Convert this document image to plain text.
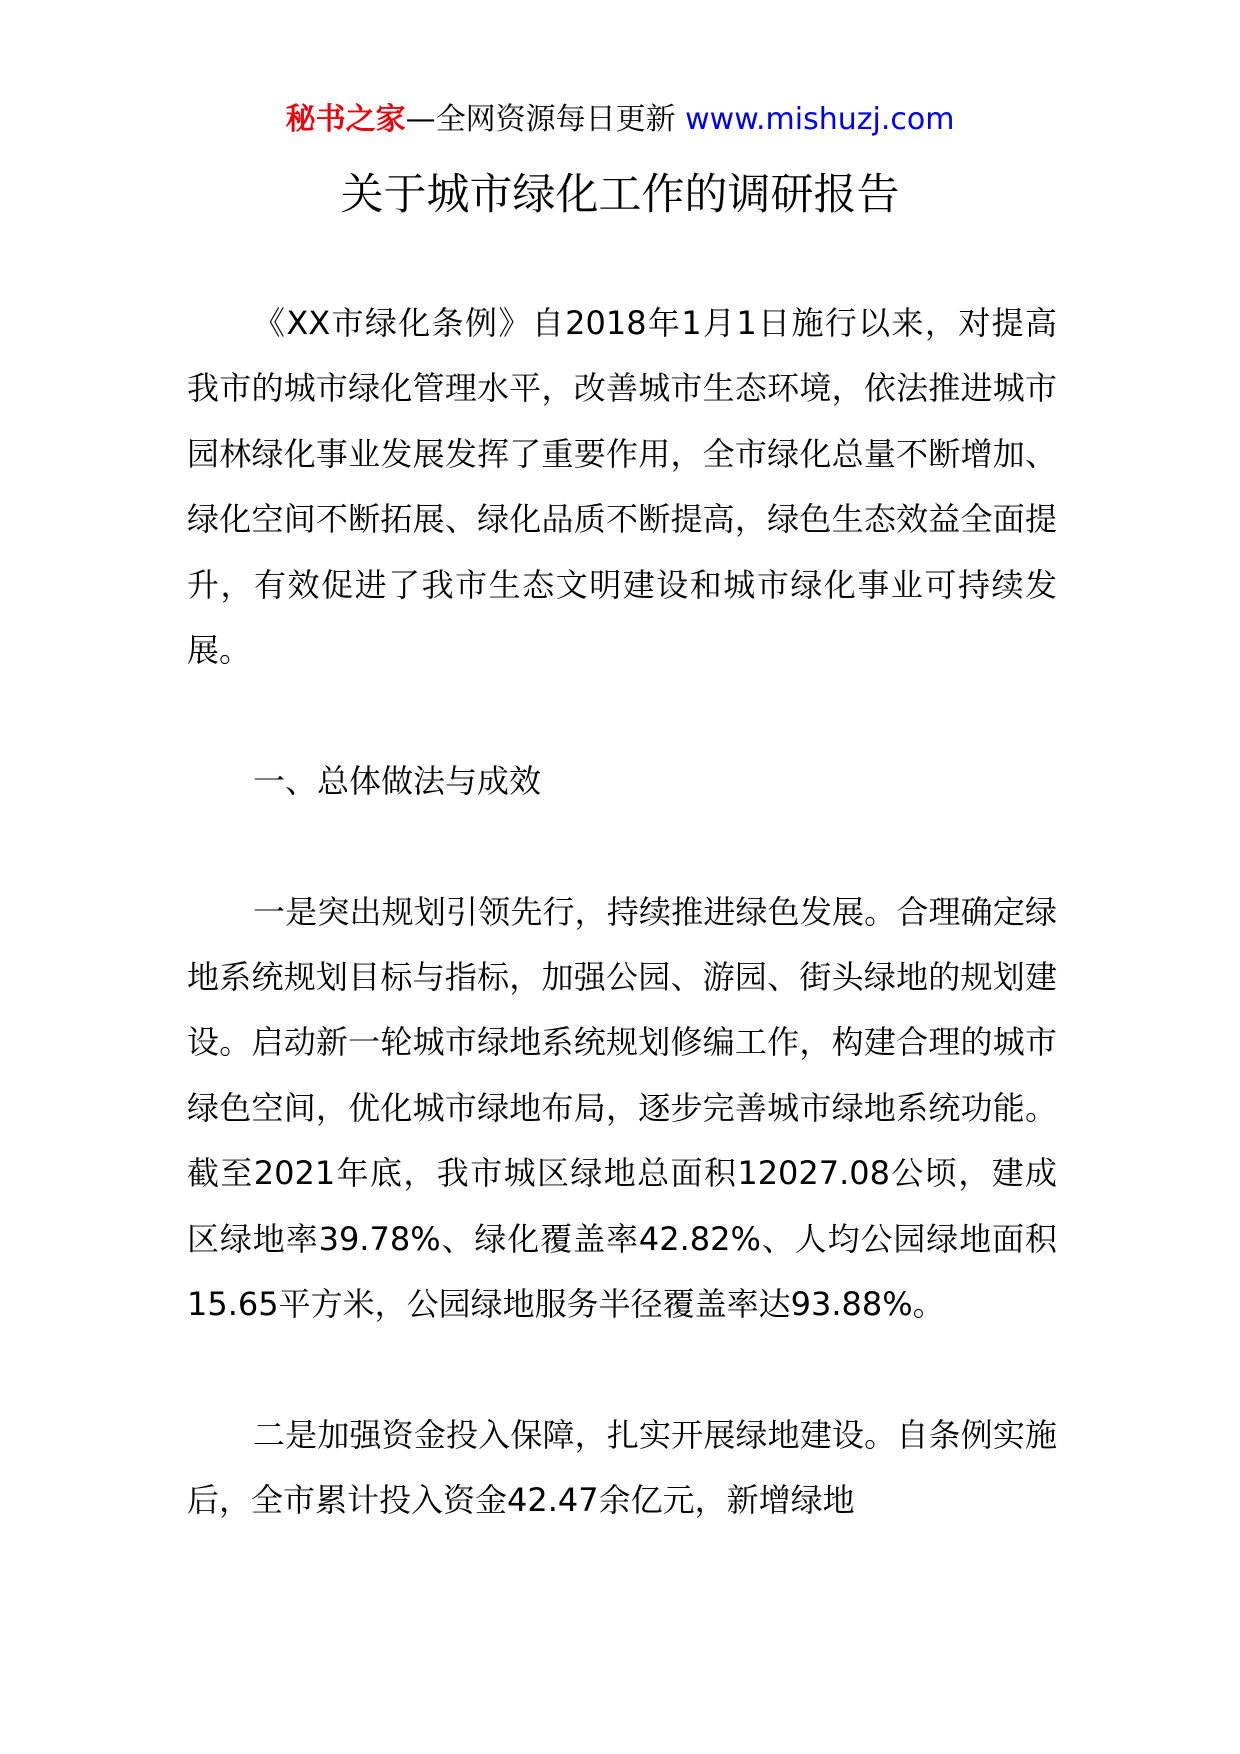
秘书之家—全网资源每日更新 www.mishuzj.com
关于城市绿化工作的调研报告

《XX市绿化条例》自2018年1月1日施行以来，对提高我市的城市绿化管理水平，改善城市生态环境，依法推进城市园林绿化事业发展发挥了重要作用，全市绿化总量不断增加、绿化空间不断拓展、绿化品质不断提高，绿色生态效益全面提升，有效促进了我市生态文明建设和城市绿化事业可持续发展。

一、总体做法与成效

一是突出规划引领先行，持续推进绿色发展。合理确定绿地系统规划目标与指标，加强公园、游园、街头绿地的规划建设。启动新一轮城市绿地系统规划修编工作，构建合理的城市绿色空间，优化城市绿地布局，逐步完善城市绿地系统功能。截至2021年底，我市城区绿地总面积12027.08公顷，建成区绿地率39.78%、绿化覆盖率42.82%、人均公园绿地面积15.65平方米，公园绿地服务半径覆盖率达93.88%。

二是加强资金投入保障，扎实开展绿地建设。自条例实施后，全市累计投入资金42.47余亿元，新增绿地
